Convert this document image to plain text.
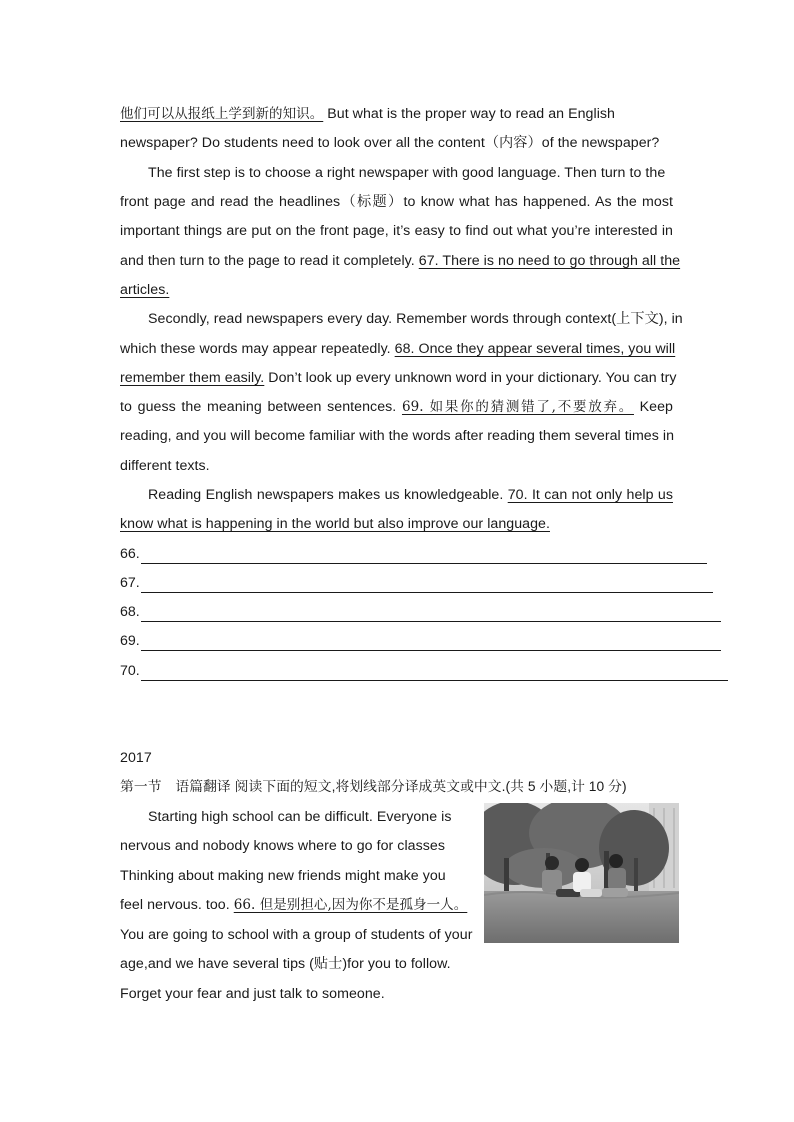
他们可以从报纸上学到新的知识。 But what is the proper way to read an English
newspaper? Do students need to look over all the content（内容）of the newspaper?
The first step is to choose a right newspaper with good language. Then turn to the
front page and read the headlines（标题）to know what has happened. As the most
important things are put on the front page, it’s easy to find out what you’re interested in
and then turn to the page to read it completely. 67. There is no need to go through all the
articles.
Secondly, read newspapers every day. Remember words through context(上下文), in
which these words may appear repeatedly. 68. Once they appear several times, you will
remember them easily. Don’t look up every unknown word in your dictionary. You can try
to guess the meaning between sentences. 69. 如果你的猜测错了,不要放弃。 Keep
reading, and you will become familiar with the words after reading them several times in
different texts.
Reading English newspapers makes us knowledgeable. 70. It can not only help us
know what is happening in the world but also improve our language.
66.
67.
68.
69.
70.
2017
第一节　语篇翻译 阅读下面的短文,将划线部分译成英文或中文.(共 5 小题,计 10 分)
Starting high school can be difficult. Everyone is
nervous and nobody knows where to go for classes
Thinking about making new friends might make you
feel nervous. too. 66. 但是别担心,因为你不是孤身一人。
You are going to school with a group of students of your
age,and we have several tips (贴士)for you to follow.
Forget your fear and just talk to someone.
